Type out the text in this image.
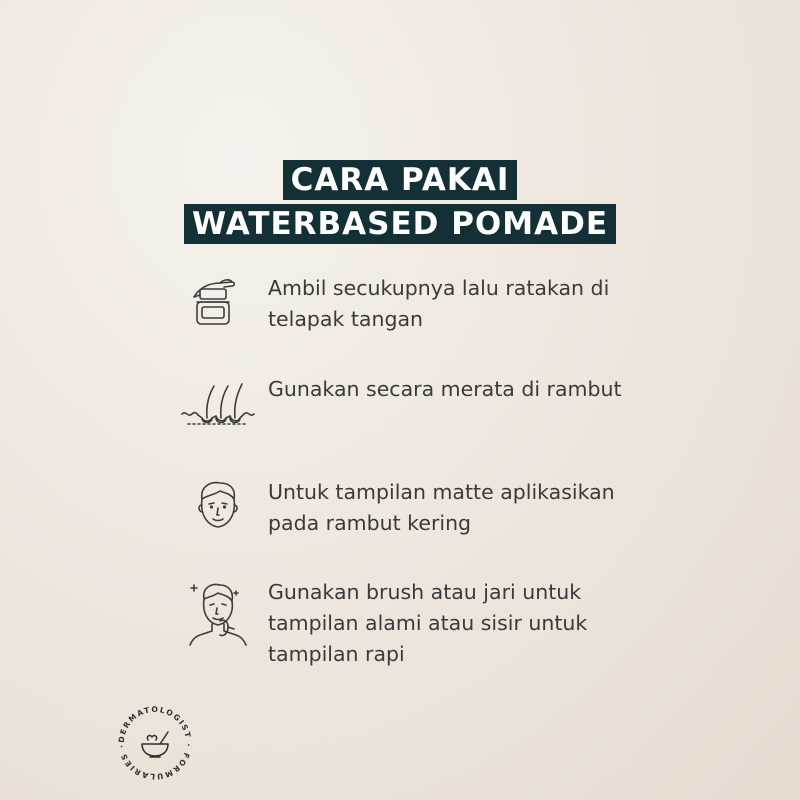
CARA PAKAI
WATERBASED POMADE
Ambil secukupnya lalu ratakan di telapak tangan
Gunakan secara merata di rambut
Untuk tampilan matte aplikasikan pada rambut kering
Gunakan brush atau jari untuk tampilan alami atau sisir untuk tampilan rapi
DERMATOLOGIST · FORMULARIES ·
